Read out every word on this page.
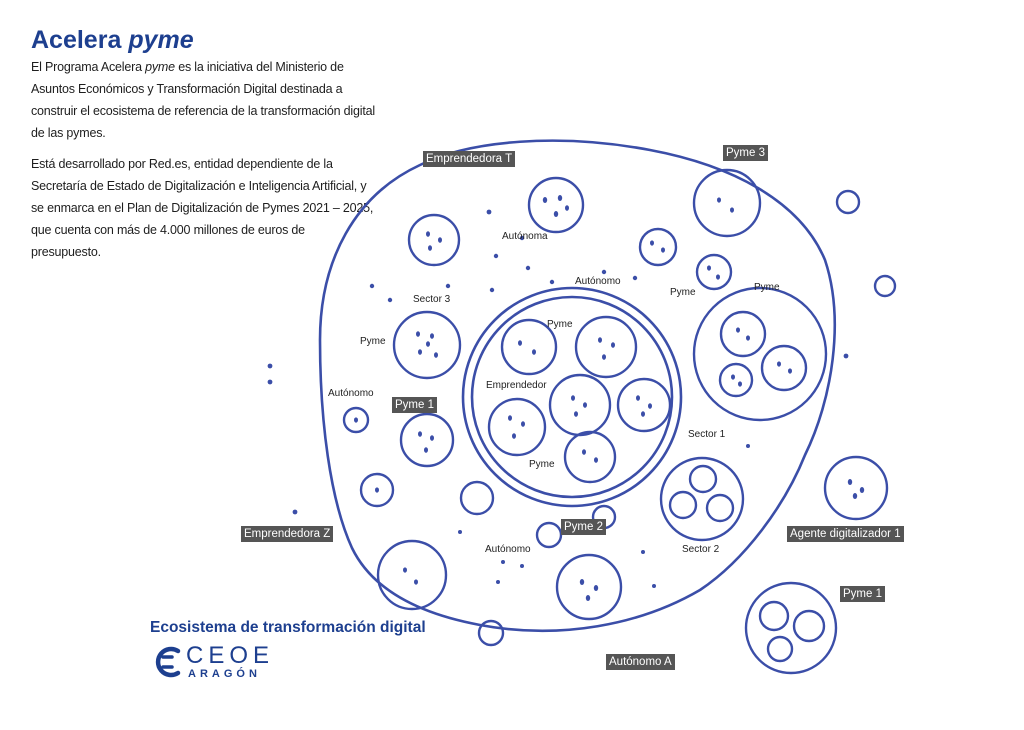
Acelera pyme

El Programa Acelera pyme es la iniciativa del Ministerio de Asuntos Económicos y Transformación Digital destinada a construir el ecosistema de referencia de la transformación digital de las pymes.

Está desarrollado por Red.es, entidad dependiente de la Secretaría de Estado de Digitalización e Inteligencia Artificial, y se enmarca en el Plan de Digitalización de Pymes 2021 – 2025, que cuenta con más de 4.000 millones de euros de presupuesto.

Autónoma
Autónomo
Pyme	Pyme
Sector 3
Pyme
Autónomo
Pyme
Emprendedor
Pyme
Sector 1
Autónomo	Sector 2
Emprendedora T	Pyme 3
Pyme 1
Emprendedora Z
Pyme 2
Agente digitalizador 1
Pyme 1
Autónomo A
Ecosistema de transformación digital
CEOE
ARAGÓN
